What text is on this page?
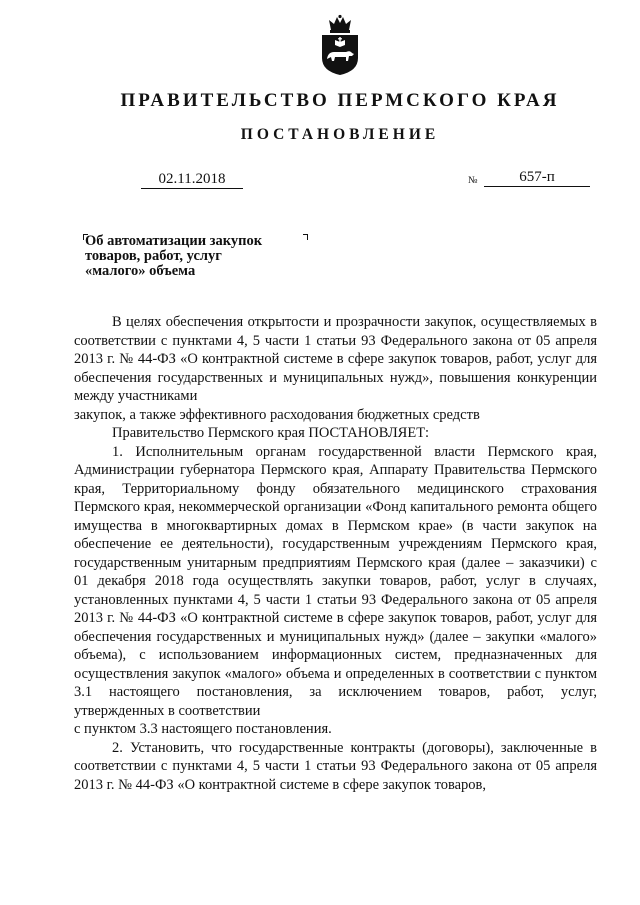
ПРАВИТЕЛЬСТВО ПЕРМСКОГО КРАЯ
ПОСТАНОВЛЕНИЕ
02.11.2018	№	657-п
Об автоматизации закупок
товаров, работ, услуг
«малого» объема

В целях обеспечения открытости и прозрачности закупок, осуществляемых в соответствии с пунктами 4, 5 части 1 статьи 93 Федерального закона от 05 апреля 2013 г. № 44-ФЗ «О контрактной системе в сфере закупок товаров, работ, услуг для обеспечения государственных и муниципальных нужд», повышения конкуренции между участниками

закупок, а также эффективного расходования бюджетных средств

Правительство Пермского края ПОСТАНОВЛЯЕТ:

1. Исполнительным органам государственной власти Пермского края, Администрации губернатора Пермского края, Аппарату Правительства Пермского края, Территориальному фонду обязательного медицинского страхования Пермского края, некоммерческой организации «Фонд капитального ремонта общего имущества в многоквартирных домах в Пермском крае» (в части закупок на обеспечение ее деятельности), государственным учреждениям Пермского края, государственным унитарным предприятиям Пермского края (далее – заказчики) с 01 декабря 2018 года осуществлять закупки товаров, работ, услуг в случаях, установленных пунктами 4, 5 части 1 статьи 93 Федерального закона от 05 апреля 2013 г. № 44-ФЗ «О контрактной системе в сфере закупок товаров, работ, услуг для обеспечения государственных и муниципальных нужд» (далее – закупки «малого» объема), с использованием информационных систем, предназначенных для осуществления закупок «малого» объема и определенных в соответствии с пунктом 3.1 настоящего постановления, за исключением товаров, работ, услуг, утвержденных в соответствии

с пунктом 3.3 настоящего постановления.

2. Установить, что государственные контракты (договоры), заключенные в соответствии с пунктами 4, 5 части 1 статьи 93 Федерального закона от 05 апреля 2013 г. № 44-ФЗ «О контрактной системе в сфере закупок товаров,
